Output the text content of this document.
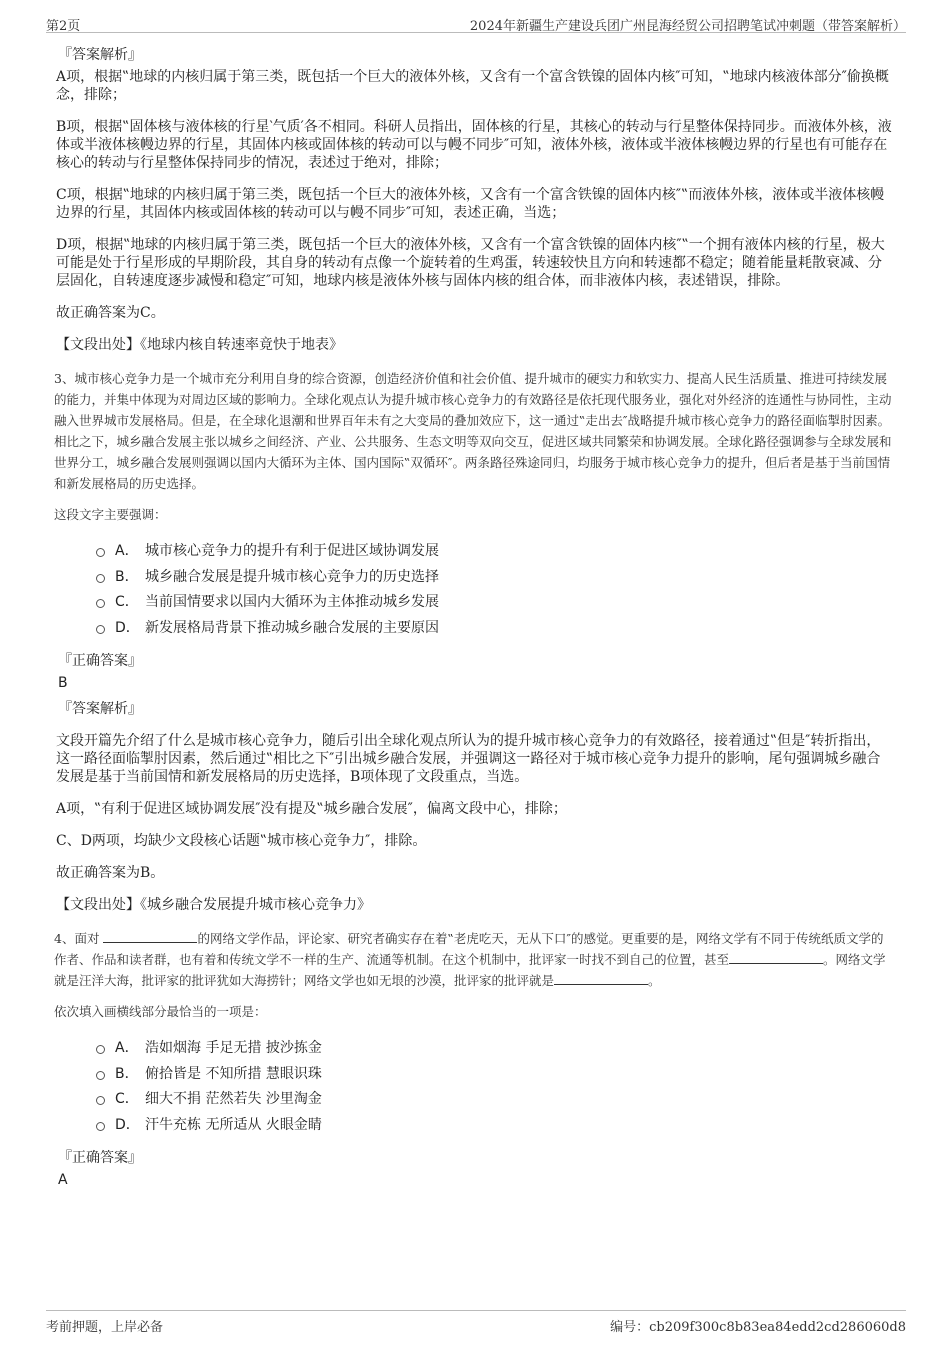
第2页	2024年新疆生产建设兵团广州昆海经贸公司招聘笔试冲刺题（带答案解析）
『答案解析』

A项，根据‟地球的内核归属于第三类，既包括一个巨大的液体外核，又含有一个富含铁镍的固体内核″可知，‟地球内核液体部分″偷换概念，排除；

B项，根据‟固体核与液体核的行星‵气质′各不相同。科研人员指出，固体核的行星，其核心的转动与行星整体保持同步。而液体外核，液体或半液体核幔边界的行星，其固体内核或固体核的转动可以与幔不同步″可知，液体外核，液体或半液体核幔边界的行星也有可能存在核心的转动与行星整体保持同步的情况，表述过于绝对，排除；

C项，根据‟地球的内核归属于第三类，既包括一个巨大的液体外核，又含有一个富含铁镍的固体内核″‟而液体外核，液体或半液体核幔边界的行星，其固体内核或固体核的转动可以与幔不同步″可知，表述正确，当选；

D项，根据‟地球的内核归属于第三类，既包括一个巨大的液体外核，又含有一个富含铁镍的固体内核″‟一个拥有液体内核的行星，极大可能是处于行星形成的早期阶段，其自身的转动有点像一个旋转着的生鸡蛋，转速较快且方向和转速都不稳定；随着能量耗散衰减、分层固化，自转速度逐步减慢和稳定″可知，地球内核是液体外核与固体内核的组合体，而非液体内核，表述错误，排除。

故正确答案为C。

【文段出处】《地球内核自转速率竟快于地表》

3、城市核心竞争力是一个城市充分利用自身的综合资源，创造经济价值和社会价值、提升城市的硬实力和软实力、提高人民生活质量、推进可持续发展的能力，并集中体现为对周边区域的影响力。全球化观点认为提升城市核心竞争力的有效路径是依托现代服务业，强化对外经济的连通性与协同性，主动融入世界城市发展格局。但是，在全球化退潮和世界百年未有之大变局的叠加效应下，这一通过‟走出去″战略提升城市核心竞争力的路径面临掣肘因素。相比之下，城乡融合发展主张以城乡之间经济、产业、公共服务、生态文明等双向交互，促进区域共同繁荣和协调发展。全球化路径强调参与全球发展和世界分工，城乡融合发展则强调以国内大循环为主体、国内国际‟双循环″。两条路径殊途同归，均服务于城市核心竞争力的提升，但后者是基于当前国情和新发展格局的历史选择。

这段文字主要强调：

A． 城市核心竞争力的提升有利于促进区域协调发展
B． 城乡融合发展是提升城市核心竞争力的历史选择
C． 当前国情要求以国内大循环为主体推动城乡发展
D． 新发展格局背景下推动城乡融合发展的主要原因
『正确答案』
B
『答案解析』

文段开篇先介绍了什么是城市核心竞争力，随后引出全球化观点所认为的提升城市核心竞争力的有效路径，接着通过‟但是″转折指出，这一路径面临掣肘因素，然后通过‟相比之下″引出城乡融合发展，并强调这一路径对于城市核心竞争力提升的影响，尾句强调城乡融合发展是基于当前国情和新发展格局的历史选择，B项体现了文段重点，当选。

A项，‟有利于促进区域协调发展″没有提及‟城乡融合发展″，偏离文段中心，排除；

C、D两项，均缺少文段核心话题‟城市核心竞争力″，排除。

故正确答案为B。

【文段出处】《城乡融合发展提升城市核心竞争力》

4、面对	的网络文学作品，评论家、研究者确实存在着‟老虎吃天，无从下口″的感觉。更重要的是，网络文学有不同于传统纸质文学的作者、作品和读者群，也有着和传统文学不一样的生产、流通等机制。在这个机制中，批评家一时找不到自己的位置，甚至	。网络文学就是汪洋大海，批评家的批评犹如大海捞针；网络文学也如无垠的沙漠，批评家的批评就是	。

依次填入画横线部分最恰当的一项是：

A． 浩如烟海 手足无措 披沙拣金
B． 俯拾皆是 不知所措 慧眼识珠
C． 细大不捐 茫然若失 沙里淘金
D． 汗牛充栋 无所适从 火眼金睛
『正确答案』
A
考前押题，上岸必备	编号：cb209f300c8b83ea84edd2cd286060d8
